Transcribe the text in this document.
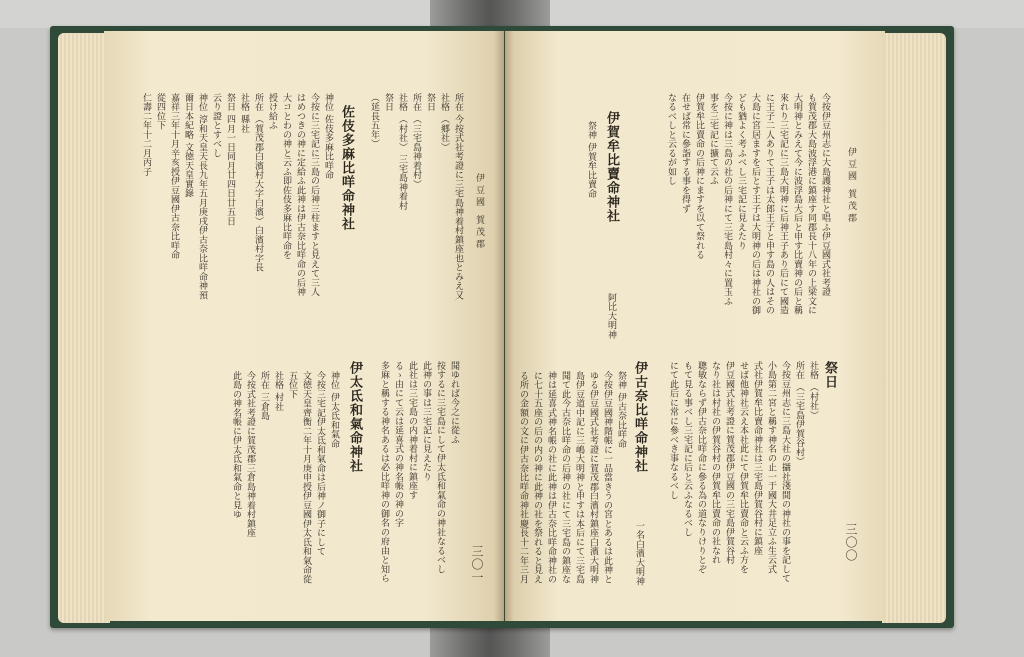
伊豆國 賀茂郡
三〇一
所在 今按式社考證に三宅島神着村鎮座也とみえ又
社格 （郷社）
祭日
所在 （三宅島神着村）
社格 （村社） 三宅島神着村
祭日
（延長五年）
佐伎多麻比咩命神社
神位 佐伎多麻比咩命
今按に三宅記に三島の后神三柱ますと見えて三人
はめつきの神に定給ふ此神は伊古奈比咩命の后神
大コとわの神と云ふ即佐伎多麻比咩命を
授け給ふ
所在 （賀茂郡白濱村大字白濱）白濱村字長
社格 縣社
祭日 四月一日同月廿四日廿五日
云り證とすべし
神位 淳和天皇天長九年五月庚戌伊古奈比咩命神預
爾日本紀略 文徳天皇實錄
嘉祥三年十月辛亥授伊豆國伊古奈比咩命
從四位下
仁壽二年十二月丙子
伊太氐和氣命神社	聞ゆれば今之に從ふ
按するに三宅島にして伊太氐和氣命の神社なるべし
此神の事は三宅記に見えたり
此社は三宅島の内神着村に鎮座す
るゝ由にて云は延喜式の神名帳の神の字
多麻と稱する神名あるは必比咩神の御名の府由と知ら
神位 伊太氐和氣命
今按三宅記伊太氐和氣命は后神ノ御子にして
文徳天皇齊衡二年十月庚申授伊豆國伊太氐和氣命從
五位下
社格 村社
所在 三倉島
今按式社考證に賀茂郡三倉島神着村鎮座
此島の神名帳に伊太氐和氣命と見ゆ
伊豆國 賀茂郡
三〇〇
今按伊豆州志に大島護神社と唱ふ伊豆國式社考證
も賀茂郡大島波浮港に鎮座す同郡長十八年の上梁文に
大明神とみえて今に波浮島大后と申す比賣神の后と稱
來れり三宅記に三島大明神に后神王子あり后にて國造
に王子二人ありて王子は太郎王子と申す島の人はその
大島に宮居ますを后とす王子は大明神の后は神社の御
ども猶よく考ふべし三宅記に見えたり
伊賀牟比賣命神社
阿比大明神
祭神 伊賀牟比賣命	今按に神は三島の社の后神にて三宅島村々に置玉ふ
事を三宅記に擴て云ふ
伊賀牟比賣命の后神にますを以て祭れる
在せば常に參詣する事を得ず
なるべしと云るが如し
伊古奈比咩命神社
一名白濱大明神
祭神 伊古奈比咩命
今按伊豆國神階帳に一品當きうの宮とあるは此神と
ゆる伊豆國式社考證に賀茂郡白濱村鎮座白濱大明神
島伊豆道中記に三嶋大明神と申すは本后にて三宅島
聞て此今古奈比咩命の后神の社にて三宅島の鎮座な
神は延喜式神名帳の社に此神は伊古奈比咩命神社の
に七十五座の后の内の神に此神の社を祭れると見え
る所の金額の文に伊古奈比咩命神社慶長十二年三月
祭日
社格 （村社）
所在 （三宅島伊賀谷村）
今按豆州志に三島大社の攝社淺間の神社の事を記して
小島第二宮と稱す神名の止一于國大井足立ふ生云式
式社伊賀牟比賣命神社は三宅島伊賀谷村に鎮座
せば他神社云え本社此にて伊賀牟比賣命と云ふ方を
伊豆國式社考證に賀茂郡伊豆國の三宅島伊賀谷村
なり社は村社の伊賀谷村の伊賀牟比賣命の社なれ
聰敏ならず伊古奈比咩命に參る為の道なりけりとぞ
もて見る事べし三宅記に后と云ふなるべし
にて此后に常に參べき事なるべし
